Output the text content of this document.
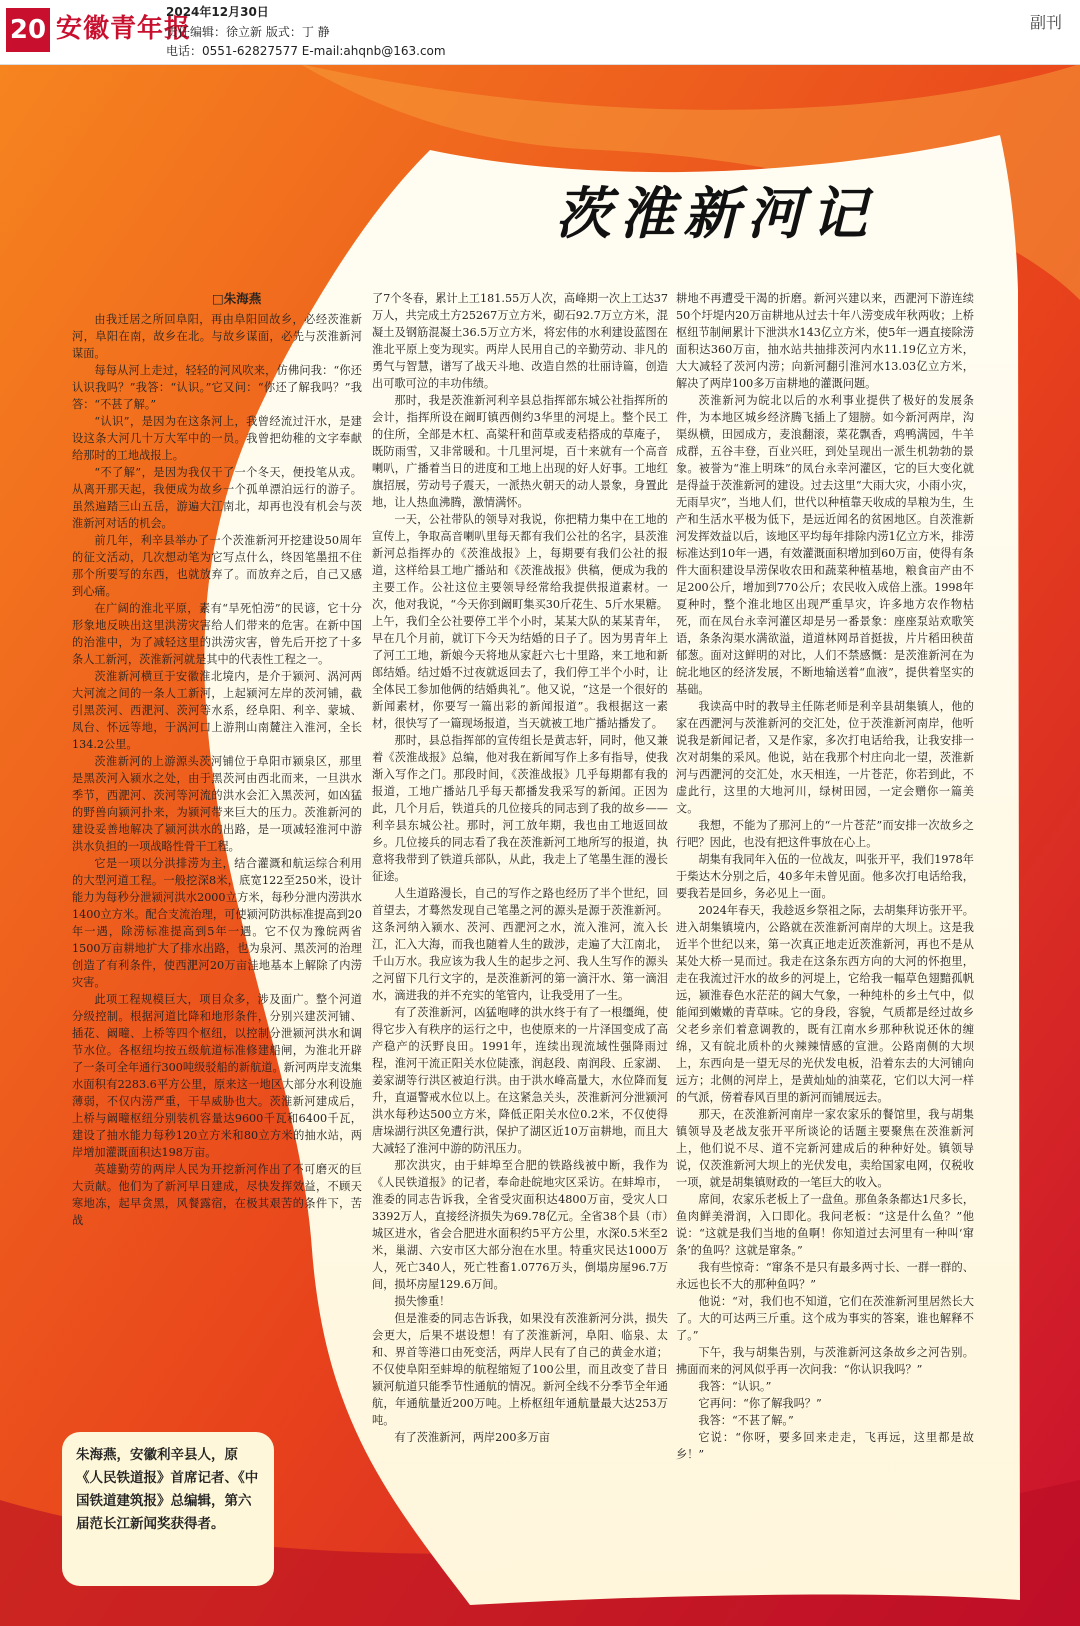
20 安徽青年报
2024年12月30日
责任编辑：徐立新 版式：丁 静
电话：0551-62827577 E-mail:ahqnb@163.com
副刊
茨淮新河记

□朱海燕

由我迁居之所回阜阳，再由阜阳回故乡，必经茨淮新河，阜阳在南，故乡在北。与故乡谋面，必先与茨淮新河谋面。

每每从河上走过，轻轻的河风吹来，仿佛问我：“你还认识我吗？”我答：“认识。”它又问：“你还了解我吗？”我答：“不甚了解。”

“认识”，是因为在这条河上，我曾经流过汗水，是建设这条大河几十万大军中的一员。我曾把幼稚的文字奉献给那时的工地战报上。

“不了解”，是因为我仅干了一个冬天，便投笔从戎。从离开那天起，我便成为故乡一个孤单漂泊远行的游子。虽然遍踏三山五岳，游遍大江南北，却再也没有机会与茨淮新河对话的机会。

前几年，利辛县举办了一个茨淮新河开挖建设50周年的征文活动，几次想动笔为它写点什么，终因笔墨扭不住那个所要写的东西，也就放弃了。而放弃之后，自己又感到心痛。

在广阔的淮北平原，素有“旱死怕涝”的民谚，它十分形象地反映出这里洪涝灾害给人们带来的危害。在新中国的治淮中，为了减轻这里的洪涝灾害，曾先后开挖了十多条人工新河，茨淮新河就是其中的代表性工程之一。

茨淮新河横亘于安徽淮北境内，是介于颍河、涡河两大河流之间的一条人工新河，上起颍河左岸的茨河铺，截引黑茨河、西淝河、茨河等水系，经阜阳、利辛、蒙城、凤台、怀远等地，于涡河口上游荆山南麓注入淮河，全长134.2公里。

茨淮新河的上游源头茨河铺位于阜阳市颍泉区，那里是黑茨河入颍水之处，由于黑茨河由西北而来，一旦洪水季节，西淝河、茨河等河流的洪水会汇入黑茨河，如凶猛的野兽向颍河扑来，为颍河带来巨大的压力。茨淮新河的建设妥善地解决了颍河洪水的出路，是一项减轻淮河中游洪水负担的一项战略性骨干工程。

它是一项以分洪排涝为主，结合灌溉和航运综合利用的大型河道工程。一般挖深8米，底宽122至250米，设计能力为每秒分泄颍河洪水2000立方米，每秒分泄内涝洪水1400立方米。配合支流治理，可使颍河防洪标准提高到20年一遇，除涝标准提高到5年一遇。它不仅为豫皖两省1500万亩耕地扩大了排水出路，也为泉河、黑茨河的治理创造了有利条件，使西淝河20万亩洼地基本上解除了内涝灾害。

此项工程规模巨大，项目众多，涉及面广。整个河道分级控制。根据河道比降和地形条件，分别兴建茨河铺、插花、阚疃、上桥等四个枢纽，以控制分泄颍河洪水和调节水位。各枢纽均按五级航道标准修建船闸，为淮北开辟了一条可全年通行300吨级驳船的新航道。新河两岸支流集水面积有2283.6平方公里，原来这一地区大部分水利设施薄弱，不仅内涝严重，干旱威胁也大。茨淮新河建成后，上桥与阚疃枢纽分别装机容量达9600千瓦和6400千瓦，建设了抽水能力每秒120立方米和80立方米的抽水站，两岸增加灌溉面积达198万亩。

英雄勤劳的两岸人民为开挖新河作出了不可磨灭的巨大贡献。他们为了新河早日建成，尽快发挥效益，不顾天寒地冻，起早贪黑，风餐露宿，在极其艰苦的条件下，苦战

了7个冬春，累计上工181.55万人次，高峰期一次上工达37万人，共完成土方25267万立方米，砌石92.7万立方米，混凝土及钢筋混凝土36.5万立方米，将宏伟的水利建设蓝图在淮北平原上变为现实。两岸人民用自己的辛勤劳动、非凡的勇气与智慧，谱写了战天斗地、改造自然的壮丽诗篇，创造出可歌可泣的丰功伟绩。

那时，我是茨淮新河利辛县总指挥部东城公社指挥所的会计，指挥所设在阚町镇西侧约3华里的河堤上。整个民工的住所，全部是木杠、高粱秆和茴草或麦秸搭成的草庵子，既防雨雪，又非常暖和。十几里河堤，百十来就有一个高音喇叭，广播着当日的进度和工地上出现的好人好事。工地红旗招展，劳动号子震天，一派热火朝天的动人景象，身置此地，让人热血沸腾，激情满怀。

一天，公社带队的领导对我说，你把精力集中在工地的宣传上，争取高音喇叭里每天都有我们公社的名字，县茨淮新河总指挥办的《茨淮战报》上，每期要有我们公社的报道，这样给县工地广播站和《茨淮战报》供稿，便成为我的主要工作。公社这位主要领导经常给我提供报道素材。一次，他对我说，“今天你到阚町集买30斤花生、5斤水果糖。上午，我们全公社要停工半个小时，某某大队的某某青年，早在几个月前，就订下今天为结婚的日子了。因为男青年上了河工工地，新娘今天将地从家赶六七十里路，来工地和新郎结婚。结过婚不过夜就返回去了，我们停工半个小时，让全体民工参加他俩的结婚典礼”。他又说，“这是一个很好的新闻素材，你要写一篇出彩的新闻报道”。我根据这一素材，很快写了一篇现场报道，当天就被工地广播站播发了。

那时，县总指挥部的宣传组长是黄志轩，同时，他又兼着《茨淮战报》总编，他对我在新闻写作上多有指导，使我渐入写作之门。那段时间，《茨淮战报》几乎每期都有我的报道，工地广播站几乎每天都播发我采写的新闻。正因为此，几个月后，铁道兵的几位接兵的同志到了我的故乡——利辛县东城公社。那时，河工放年期，我也由工地返回故乡。几位接兵的同志看了我在茨淮新河工地所写的报道，执意将我带到了铁道兵部队，从此，我走上了笔墨生涯的漫长征途。

人生道路漫长，自己的写作之路也经历了半个世纪，回首望去，才蓦然发现自己笔墨之河的源头是源于茨淮新河。这条河纳入颍水、茨河、西淝河之水，流入淮河，流入长江，汇入大海，而我也随着人生的跋涉，走遍了大江南北，千山万水。我应该为我人生的起步之河、我人生写作的源头之河留下几行文字的，是茨淮新河的第一滴汗水、第一滴泪水，滴进我的并不充实的笔管内，让我受用了一生。

有了茨淮新河，凶猛咆哮的洪水终于有了一根缰绳，使得它步入有秩序的运行之中，也使原来的一片泽国变成了高产稳产的沃野良田。1991年，连续出现流域性强降雨过程，淮河干流正阳关水位陡涨，润赵段、南润段、丘家湖、姜家湖等行洪区被迫行洪。由于洪水峰高量大，水位降而复升，直逼警戒水位以上。在这紧急关头，茨淮新河分泄颍河洪水每秒达500立方米，降低正阳关水位0.2米，不仅使得唐垛湖行洪区免遭行洪，保护了湖区近10万亩耕地，而且大大减轻了淮河中游的防汛压力。

那次洪灾，由于蚌埠至合肥的铁路线被中断，我作为《人民铁道报》的记者，奉命赴皖地灾区采访。在蚌埠市，淮委的同志告诉我，全省受灾面积达4800万亩，受灾人口3392万人，直接经济损失为69.78亿元。全省38个县（市）城区进水，省会合肥进水面积约5平方公里，水深0.5米至2米，巢湖、六安市区大部分泡在水里。特重灾民达1000万人，死亡340人，死亡牲畜1.0776万头，倒塌房屋96.7万间，损坏房屋129.6万间。

损失惨重！

但是淮委的同志告诉我，如果没有茨淮新河分洪，损失会更大，后果不堪设想！有了茨淮新河，阜阳、临泉、太和、界首等港口由死变活，两岸人民有了自己的黄金水道；不仅使阜阳至蚌埠的航程缩短了100公里，而且改变了昔日颍河航道只能季节性通航的情况。新河全线不分季节全年通航，年通航量近200万吨。上桥枢纽年通航量最大达253万吨。

有了茨淮新河，两岸200多万亩

耕地不再遭受干渴的折磨。新河兴建以来，西淝河下游连续50个圩堤内20万亩耕地从过去十年八涝变成年秋两收；上桥枢纽节制闸累计下泄洪水143亿立方米，使5年一遇直接除涝面积达360万亩，抽水站共抽排茨河内水11.19亿立方米，大大减轻了茨河内涝；向新河翻引淮河水13.03亿立方米，解决了两岸100多万亩耕地的灌溉问题。

茨淮新河为皖北以后的水利事业提供了极好的发展条件，为本地区城乡经济腾飞插上了翅膀。如今新河两岸，沟渠纵横，田园成方，麦浪翻滚，菜花飘香，鸡鸭满园，牛羊成群，五谷丰登，百业兴旺，到处呈现出一派生机勃勃的景象。被誉为“淮上明珠”的凤台永幸河灌区，它的巨大变化就是得益于茨淮新河的建设。过去这里“大雨大灾，小雨小灾，无雨旱灾”，当地人们，世代以种植靠天收成的旱粮为生，生产和生活水平极为低下，是远近闻名的贫困地区。自茨淮新河发挥效益以后，该地区平均每年排除内涝1亿立方米，排涝标准达到10年一遇，有效灌溉面积增加到60万亩，使得有条件大面积建设旱涝保收农田和蔬菜种植基地，粮食亩产由不足200公斤，增加到770公斤；农民收入成倍上涨。1998年夏种时，整个淮北地区出现严重旱灾，许多地方农作物枯死，而在凤台永幸河灌区却是另一番景象：座座泵站欢歌笑语，条条沟渠水满欲溢，道道林网昂首挺拔，片片稻田秧苗郁葱。面对这鲜明的对比，人们不禁感慨：是茨淮新河在为皖北地区的经济发展，不断地输送着“血液”，提供着坚实的基础。

我读高中时的教导主任陈老师是利辛县胡集镇人，他的家在西淝河与茨淮新河的交汇处，位于茨淮新河南岸，他听说我是新闻记者，又是作家，多次打电话给我，让我安排一次对胡集的采风。他说，站在我那个村庄向北一望，茨淮新河与西淝河的交汇处，水天相连，一片苍茫，你若到此，不虚此行，这里的大地河川，绿树田园，一定会赠你一篇美文。

我想，不能为了那河上的“一片苍茫”而安排一次故乡之行吧？因此，也没有把这件事放在心上。

胡集有我同年入伍的一位战友，叫张开平，我们1978年于柴达木分别之后，40多年未曾见面。他多次打电话给我，要我若是回乡，务必见上一面。

2024年春天，我趁返乡祭祖之际，去胡集拜访张开平。进入胡集镇境内，公路就在茨淮新河南岸的大坝上。这是我近半个世纪以来，第一次真正地走近茨淮新河，再也不是从某处大桥一晃而过。我走在这条东西方向的大河的怀抱里，走在我流过汗水的故乡的河堤上，它给我一幅草色翅黯孤帆远，颍淮春色水茫茫的阔大气象，一种纯朴的乡土气中，似能闻到嫩嫩的青草味。它的身段，容貌，气质都是经过故乡父老乡亲们着意调教的，既有江南水乡那种秋说还休的缠绵，又有皖北质朴的火辣辣情感的宣泄。公路南侧的大坝上，东西向是一望无尽的光伏发电板，沿着东去的大河铺向远方；北侧的河岸上，是黄灿灿的油菜花，它们以大河一样的气派，傍着春风百里的新河而铺展远去。

那天，在茨淮新河南岸一家农家乐的餐馆里，我与胡集镇领导及老战友张开平所谈论的话题主要聚焦在茨淮新河上，他们说不尽、道不完新河建成后的种种好处。镇领导说，仅茨淮新河大坝上的光伏发电，卖给国家电网，仅税收一项，就是胡集镇财政的一笔巨大的收入。

席间，农家乐老板上了一盘鱼。那鱼条条都达1尺多长，鱼肉鲜美滑润，入口即化。我问老板：“这是什么鱼？”他说：“这就是我们当地的鱼啊！你知道过去河里有一种叫‘窜条’的鱼吗？这就是窜条。”

我有些惊奇：“窜条不是只有最多两寸长、一群一群的、永远也长不大的那种鱼吗？”

他说：“对，我们也不知道，它们在茨淮新河里居然长大了。大的可达两三斤重。这个成为事实的答案，谁也解释不了。”

下午，我与胡集告别，与茨淮新河这条故乡之河告别。拂面而来的河风似乎再一次问我：“你认识我吗？”

我答：“认识。”

它再问：“你了解我吗？”

我答：“不甚了解。”

它说：“你呀，要多回来走走，飞再远，这里都是故乡！”

朱海燕，安徽利辛县人，原《人民铁道报》首席记者、《中国铁道建筑报》总编辑，第六届范长江新闻奖获得者。
